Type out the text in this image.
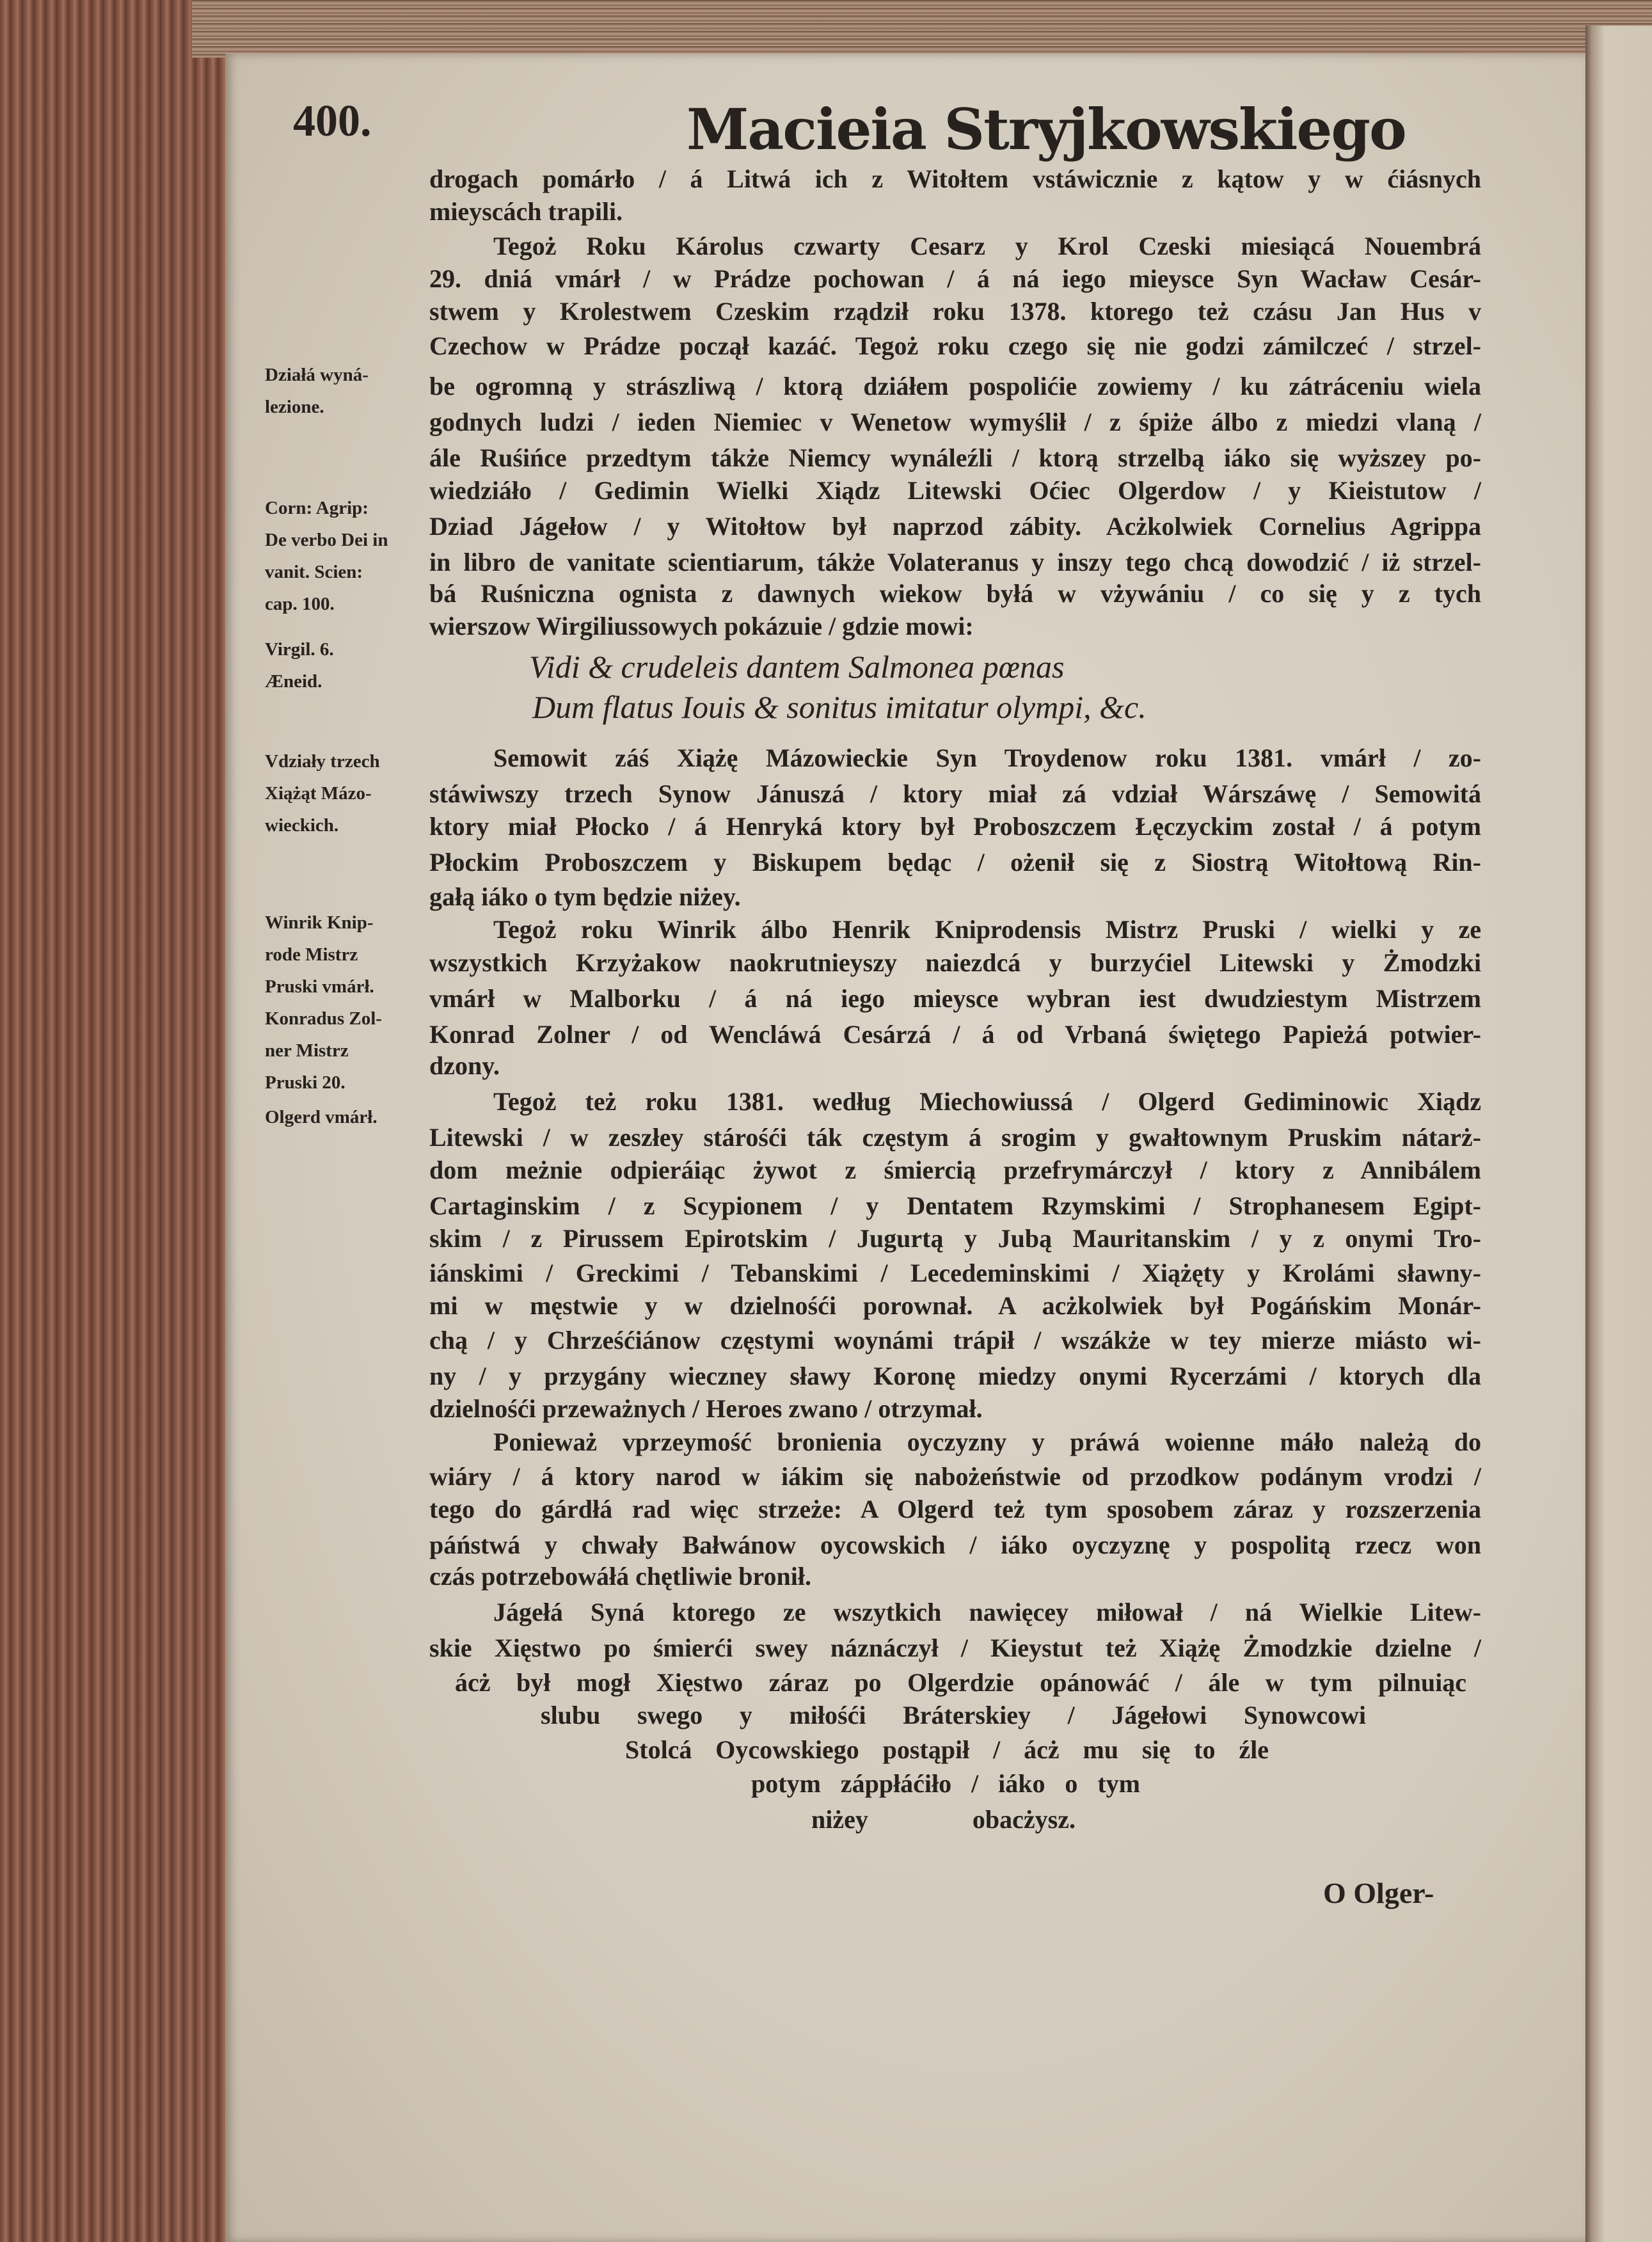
400.	Macieia Stryjkowskiego
drogach pomárło / á Litwá ich z Witołtem vstáwicznie z kątow y w ćiásnych
mieyscách trapili.
Tegoż Roku Károlus czwarty Cesarz y Krol Czeski miesiącá Nouembrá
29. dniá vmárł / w Prádze pochowan / á ná iego mieysce Syn Wacław Cesár-
stwem y Krolestwem Czeskim rządził roku 1378. ktorego też czásu Jan Hus v
Czechow w Prádze począł kazáć. Tegoż roku czego się nie godzi zámilczeć / strzel-
be ogromną y strászliwą / ktorą dziáłem pospolićie zowiemy / ku zátráceniu wiela
godnych ludzi / ieden Niemiec v Wenetow wymyślił / z śpiże álbo z miedzi vlaną /
ále Ruśińce przedtym tákże Niemcy wynáleźli / ktorą strzelbą iáko się wyższey po-
wiedziáło / Gedimin Wielki Xiądz Litewski Oćiec Olgerdow / y Kieistutow /
Dziad Jágełow / y Witołtow był naprzod zábity. Acżkolwiek Cornelius Agrippa
in libro de vanitate scientiarum, tákże Volateranus y inszy tego chcą dowodzić / iż strzel-
bá Ruśniczna ognista z dawnych wiekow byłá w vżywániu / co się y z tych
wierszow Wirgiliussowych pokázuie / gdzie mowi:
Vidi & crudeleis dantem Salmonea pœnas
Dum flatus Iouis & sonitus imitatur olympi, &c.
Semowit záś Xiążę Mázowieckie Syn Troydenow roku 1381. vmárł / zo-
stáwiwszy trzech Synow Jánuszá / ktory miał zá vdział Wárszáwę / Semowitá
ktory miał Płocko / á Henryká ktory był Proboszczem Łęczyckim został / á potym
Płockim Proboszczem y Biskupem będąc / ożenił się z Siostrą Witołtową Rin-
gałą iáko o tym będzie niżey.
Tegoż roku Winrik álbo Henrik Kniprodensis Mistrz Pruski / wielki y ze
wszystkich Krzyżakow naokrutnieyszy naiezdcá y burzyćiel Litewski y Żmodzki
vmárł w Malborku / á ná iego mieysce wybran iest dwudziestym Mistrzem
Konrad Zolner / od Wencláwá Cesárzá / á od Vrbaná świętego Papieżá potwier-
dzony.
Tegoż też roku 1381. według Miechowiussá / Olgerd Gediminowic Xiądz
Litewski / w zeszłey stárośći ták częstym á srogim y gwałtownym Pruskim nátarż-
dom meżnie odpieráiąc żywot z śmiercią przefrymárczył / ktory z Annibálem
Cartaginskim / z Scypionem / y Dentatem Rzymskimi / Strophanesem Egipt-
skim / z Pirussem Epirotskim / Jugurtą y Jubą Mauritanskim / y z onymi Tro-
iánskimi / Greckimi / Tebanskimi / Lecedeminskimi / Xiążęty y Krolámi sławny-
mi w męstwie y w dzielnośći porownał. A acżkolwiek był Pogáńskim Monár-
chą / y Chrześćiánow częstymi woynámi trápił / wszákże w tey mierze miásto wi-
ny / y przygány wieczney sławy Koronę miedzy onymi Rycerzámi / ktorych dla
dzielnośći przeważnych / Heroes zwano / otrzymał.
Ponieważ vprzeymość bronienia oyczyzny y práwá woienne máło należą do
wiáry / á ktory narod w iákim się nabożeństwie od przodkow podánym vrodzi /
tego do gárdłá rad więc strzeże: A Olgerd też tym sposobem záraz y rozszerzenia
páństwá y chwały Bałwánow oycowskich / iáko oyczyznę y pospolitą rzecz won
czás potrzebowáłá chętliwie bronił.
Jágełá Syná ktorego ze wszytkich nawięcey miłował / ná Wielkie Litew-
skie Xięstwo po śmierći swey náznáczył / Kieystut też Xiążę Żmodzkie dzielne /
ácż był mogł Xięstwo záraz po Olgerdzie opánowáć / ále w tym pilnuiąc
slubu swego y miłośći Bráterskiey / Jágełowi Synowcowi
Stolcá Oycowskiego postąpił / ácż mu się to źle
potym záppłáćiło / iáko o tym
niżey obacżysz.
Działá wyná-
lezione.
Corn: Agrip:
De verbo Dei in
vanit. Scien:
cap. 100.
Virgil. 6.
Æneid.
Vdziały trzech
Xiążąt Mázo-
wieckich.
Winrik Knip-
rode Mistrz
Pruski vmárł.
Konradus Zol-
ner Mistrz
Pruski 20.
Olgerd vmárł.
O Olger-
